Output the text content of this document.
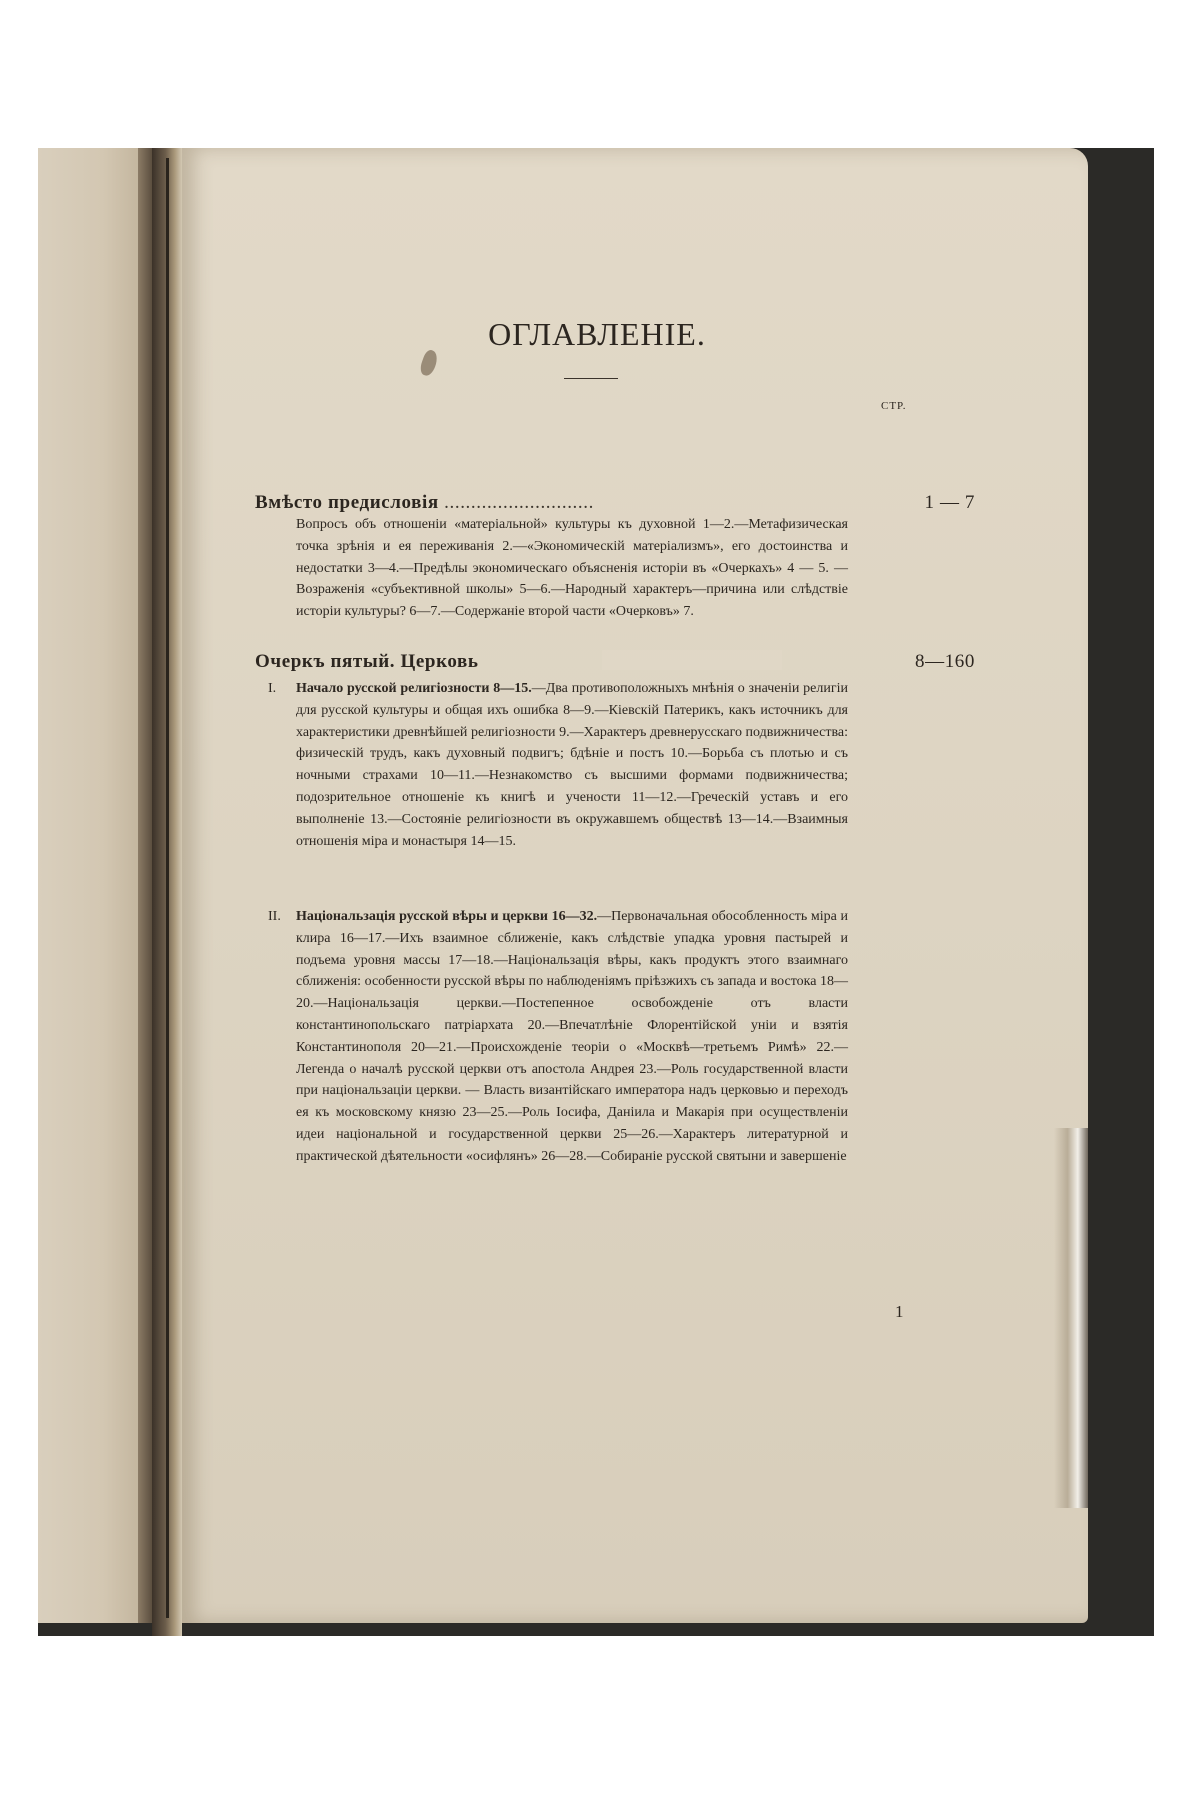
ОГЛАВЛЕНІЕ.
СТР.
Вмѣсто предисловія ............................	1 — 7

Вопросъ объ отношеніи «матеріальной» культуры къ духовной 1—2.—Метафизическая точка зрѣнія и ея переживанія 2.—«Экономическій матеріализмъ», его достоинства и недостатки 3—4.—Предѣлы экономическаго объясненія исторіи въ «Очеркахъ» 4 — 5. — Возраженія «субъективной школы» 5—6.—Народный характеръ—причина или слѣдствіе исторіи культуры? 6—7.—Содержаніе второй части «Очерковъ» 7.

Очеркъ пятый. Церковь	8—160
I. Начало русской религіозности 8—15.—Два противоположныхъ мнѣнія о значеніи религіи для русской культуры и общая ихъ ошибка 8—9.—Кіевскій Патерикъ, какъ источникъ для характеристики древнѣйшей религіозности 9.—Характеръ древнерусскаго подвижничества: физическій трудъ, какъ духовный подвигъ; бдѣніе и постъ 10.—Борьба съ плотью и съ ночными страхами 10—11.—Незнакомство съ высшими формами подвижничества; подозрительное отношеніе къ книгѣ и учености 11—12.—Греческій уставъ и его выполненіе 13.—Состояніе религіозности въ окружавшемъ обществѣ 13—14.—Взаимныя отношенія міра и монастыря 14—15.

II. Національзація русской вѣры и церкви 16—32.—Первоначальная обособленность міра и клира 16—17.—Ихъ взаимное сближеніе, какъ слѣдствіе упадка уровня пастырей и подъема уровня массы 17—18.—Національзація вѣры, какъ продуктъ этого взаимнаго сближенія: особенности русской вѣры по наблюденіямъ пріѣзжихъ съ запада и востока 18—20.—Національзація церкви.—Постепенное освобожденіе отъ власти константинопольскаго патріархата 20.—Впечатлѣніе Флорентійской уніи и взятія Константинополя 20—21.—Происхожденіе теоріи о «Москвѣ—третьемъ Римѣ» 22.—Легенда о началѣ русской церкви отъ апостола Андрея 23.—Роль государственной власти при національзаціи церкви. — Власть византійскаго императора надъ церковью и переходъ ея къ московскому князю 23—25.—Роль Іосифа, Даніила и Макарія при осуществленіи идеи національной и государственной церкви 25—26.—Характеръ литературной и практической дѣятельности «осифлянъ» 26—28.—Собираніе русской святыни и завершеніе

1
